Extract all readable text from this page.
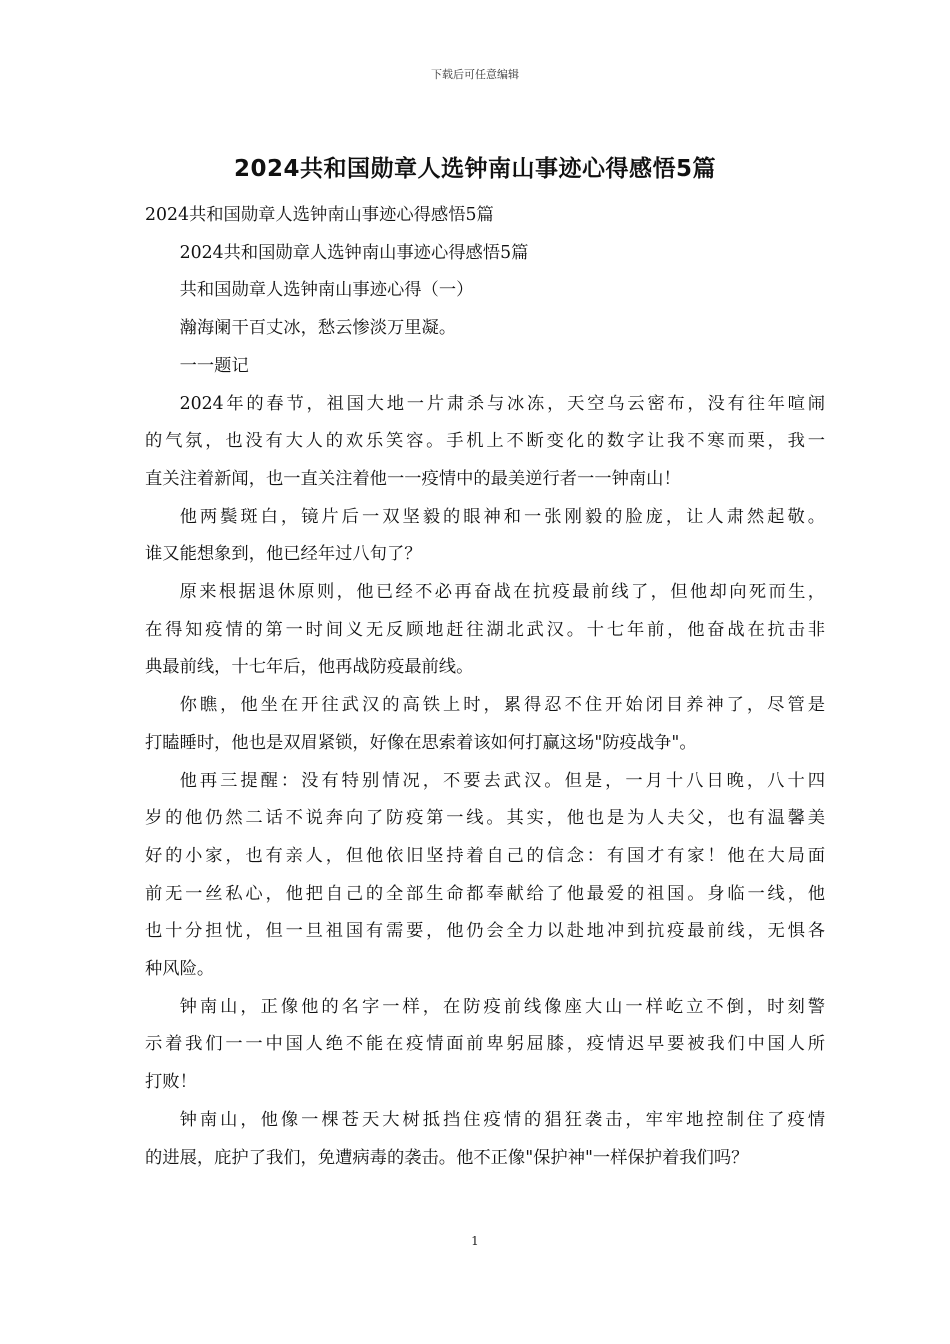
下载后可任意编辑
2024共和国勋章人选钟南山事迹心得感悟5篇

2024共和国勋章人选钟南山事迹心得感悟5篇

2024共和国勋章人选钟南山事迹心得感悟5篇

共和国勋章人选钟南山事迹心得（一）

瀚海阑干百丈冰，愁云惨淡万里凝。

一一题记

2024年的春节，祖国大地一片肃杀与冰冻，天空乌云密布，没有往年喧闹

的气氛，也没有大人的欢乐笑容。手机上不断变化的数字让我不寒而栗，我一

直关注着新闻，也一直关注着他一一疫情中的最美逆行者一一钟南山！

他两鬓斑白，镜片后一双坚毅的眼神和一张刚毅的脸庞，让人肃然起敬。

谁又能想象到，他已经年过八旬了？

原来根据退休原则，他已经不必再奋战在抗疫最前线了，但他却向死而生，

在得知疫情的第一时间义无反顾地赶往湖北武汉。十七年前，他奋战在抗击非

典最前线，十七年后，他再战防疫最前线。

你瞧，他坐在开往武汉的高铁上时，累得忍不住开始闭目养神了，尽管是

打瞌睡时，他也是双眉紧锁，好像在思索着该如何打赢这场"防疫战争"。

他再三提醒：没有特别情况，不要去武汉。但是，一月十八日晚，八十四

岁的他仍然二话不说奔向了防疫第一线。其实，他也是为人夫父，也有温馨美

好的小家，也有亲人，但他依旧坚持着自己的信念：有国才有家！他在大局面

前无一丝私心，他把自己的全部生命都奉献给了他最爱的祖国。身临一线，他

也十分担忧，但一旦祖国有需要，他仍会全力以赴地冲到抗疫最前线，无惧各

种风险。

钟南山，正像他的名字一样，在防疫前线像座大山一样屹立不倒，时刻警

示着我们一一中国人绝不能在疫情面前卑躬屈膝，疫情迟早要被我们中国人所

打败！

钟南山，他像一棵苍天大树抵挡住疫情的猖狂袭击，牢牢地控制住了疫情

的进展，庇护了我们，免遭病毒的袭击。他不正像"保护神"一样保护着我们吗？

1
